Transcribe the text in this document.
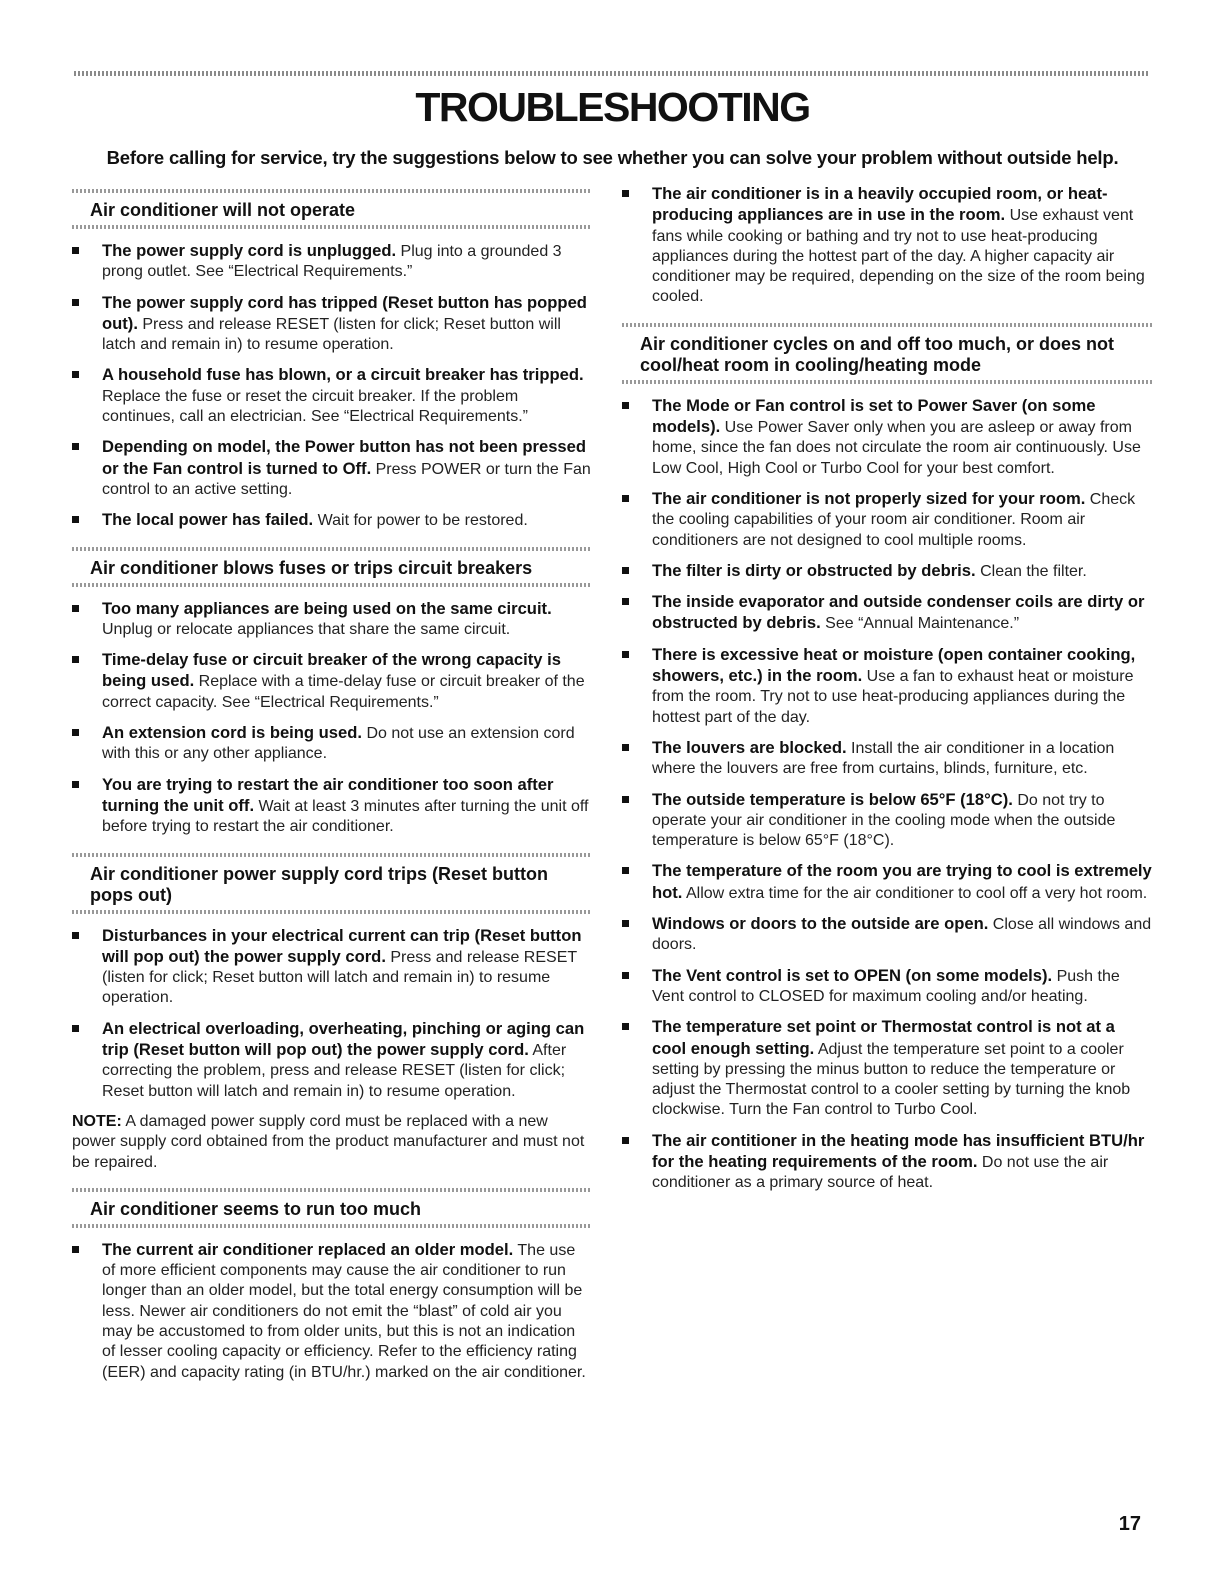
TROUBLESHOOTING
Before calling for service, try the suggestions below to see whether you can solve your problem without outside help.
Air conditioner will not operate
The power supply cord is unplugged. Plug into a grounded 3 prong outlet. See “Electrical Requirements.”
The power supply cord has tripped (Reset button has popped out). Press and release RESET (listen for click; Reset button will latch and remain in) to resume operation.
A household fuse has blown, or a circuit breaker has tripped. Replace the fuse or reset the circuit breaker. If the problem continues, call an electrician. See “Electrical Requirements.”
Depending on model, the Power button has not been pressed or the Fan control is turned to Off. Press POWER or turn the Fan control to an active setting.
The local power has failed. Wait for power to be restored.
Air conditioner blows fuses or trips circuit breakers
Too many appliances are being used on the same circuit. Unplug or relocate appliances that share the same circuit.
Time-delay fuse or circuit breaker of the wrong capacity is being used. Replace with a time-delay fuse or circuit breaker of the correct capacity. See “Electrical Requirements.”
An extension cord is being used. Do not use an extension cord with this or any other appliance.
You are trying to restart the air conditioner too soon after turning the unit off. Wait at least 3 minutes after turning the unit off before trying to restart the air conditioner.
Air conditioner power supply cord trips (Reset button pops out)
Disturbances in your electrical current can trip (Reset button will pop out) the power supply cord. Press and release RESET (listen for click; Reset button will latch and remain in) to resume operation.
An electrical overloading, overheating, pinching or aging can trip (Reset button will pop out) the power supply cord. After correcting the problem, press and release RESET (listen for click; Reset button will latch and remain in) to resume operation.
NOTE: A damaged power supply cord must be replaced with a new power supply cord obtained from the product manufacturer and must not be repaired.
Air conditioner seems to run too much
The current air conditioner replaced an older model. The use of more efficient components may cause the air conditioner to run longer than an older model, but the total energy consumption will be less. Newer air conditioners do not emit the “blast” of cold air you may be accustomed to from older units, but this is not an indication of lesser cooling capacity or efficiency. Refer to the efficiency rating (EER) and capacity rating (in BTU/hr.) marked on the air conditioner.
The air conditioner is in a heavily occupied room, or heat-producing appliances are in use in the room. Use exhaust vent fans while cooking or bathing and try not to use heat-producing appliances during the hottest part of the day. A higher capacity air conditioner may be required, depending on the size of the room being cooled.
Air conditioner cycles on and off too much, or does not cool/heat room in cooling/heating mode
The Mode or Fan control is set to Power Saver (on some models). Use Power Saver only when you are asleep or away from home, since the fan does not circulate the room air continuously. Use Low Cool, High Cool or Turbo Cool for your best comfort.
The air conditioner is not properly sized for your room. Check the cooling capabilities of your room air conditioner. Room air conditioners are not designed to cool multiple rooms.
The filter is dirty or obstructed by debris. Clean the filter.
The inside evaporator and outside condenser coils are dirty or obstructed by debris. See “Annual Maintenance.”
There is excessive heat or moisture (open container cooking, showers, etc.) in the room. Use a fan to exhaust heat or moisture from the room. Try not to use heat-producing appliances during the hottest part of the day.
The louvers are blocked. Install the air conditioner in a location where the louvers are free from curtains, blinds, furniture, etc.
The outside temperature is below 65°F (18°C). Do not try to operate your air conditioner in the cooling mode when the outside temperature is below 65°F (18°C).
The temperature of the room you are trying to cool is extremely hot. Allow extra time for the air conditioner to cool off a very hot room.
Windows or doors to the outside are open. Close all windows and doors.
The Vent control is set to OPEN (on some models). Push the Vent control to CLOSED for maximum cooling and/or heating.
The temperature set point or Thermostat control is not at a cool enough setting. Adjust the temperature set point to a cooler setting by pressing the minus button to reduce the temperature or adjust the Thermostat control to a cooler setting by turning the knob clockwise. Turn the Fan control to Turbo Cool.
The air contitioner in the heating mode has insufficient BTU/hr for the heating requirements of the room. Do not use the air conditioner as a primary source of heat.
17
